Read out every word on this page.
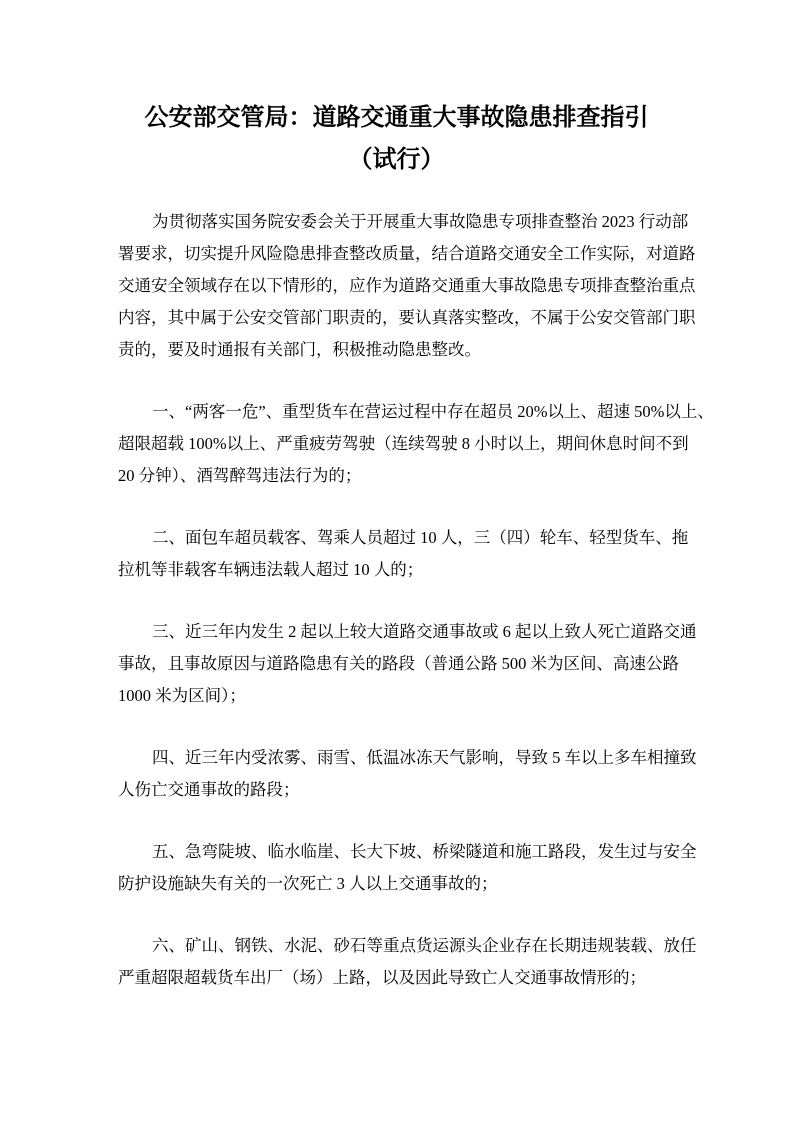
公安部交管局：道路交通重大事故隐患排查指引
（试行）
为贯彻落实国务院安委会关于开展重大事故隐患专项排查整治 2023 行动部
署要求，切实提升风险隐患排查整改质量，结合道路交通安全工作实际，对道路
交通安全领域存在以下情形的，应作为道路交通重大事故隐患专项排查整治重点
内容，其中属于公安交管部门职责的，要认真落实整改，不属于公安交管部门职
责的，要及时通报有关部门，积极推动隐患整改。
一、“两客一危”、重型货车在营运过程中存在超员 20%以上、超速 50%以上、
超限超载 100%以上、严重疲劳驾驶（连续驾驶 8 小时以上，期间休息时间不到
20 分钟）、酒驾醉驾违法行为的；
二、面包车超员载客、驾乘人员超过 10 人，三（四）轮车、轻型货车、拖
拉机等非载客车辆违法载人超过 10 人的；
三、近三年内发生 2 起以上较大道路交通事故或 6 起以上致人死亡道路交通
事故，且事故原因与道路隐患有关的路段（普通公路 500 米为区间、高速公路
1000 米为区间）；
四、近三年内受浓雾、雨雪、低温冰冻天气影响，导致 5 车以上多车相撞致
人伤亡交通事故的路段；
五、急弯陡坡、临水临崖、长大下坡、桥梁隧道和施工路段，发生过与安全
防护设施缺失有关的一次死亡 3 人以上交通事故的；
六、矿山、钢铁、水泥、砂石等重点货运源头企业存在长期违规装载、放任
严重超限超载货车出厂（场）上路，以及因此导致亡人交通事故情形的；
